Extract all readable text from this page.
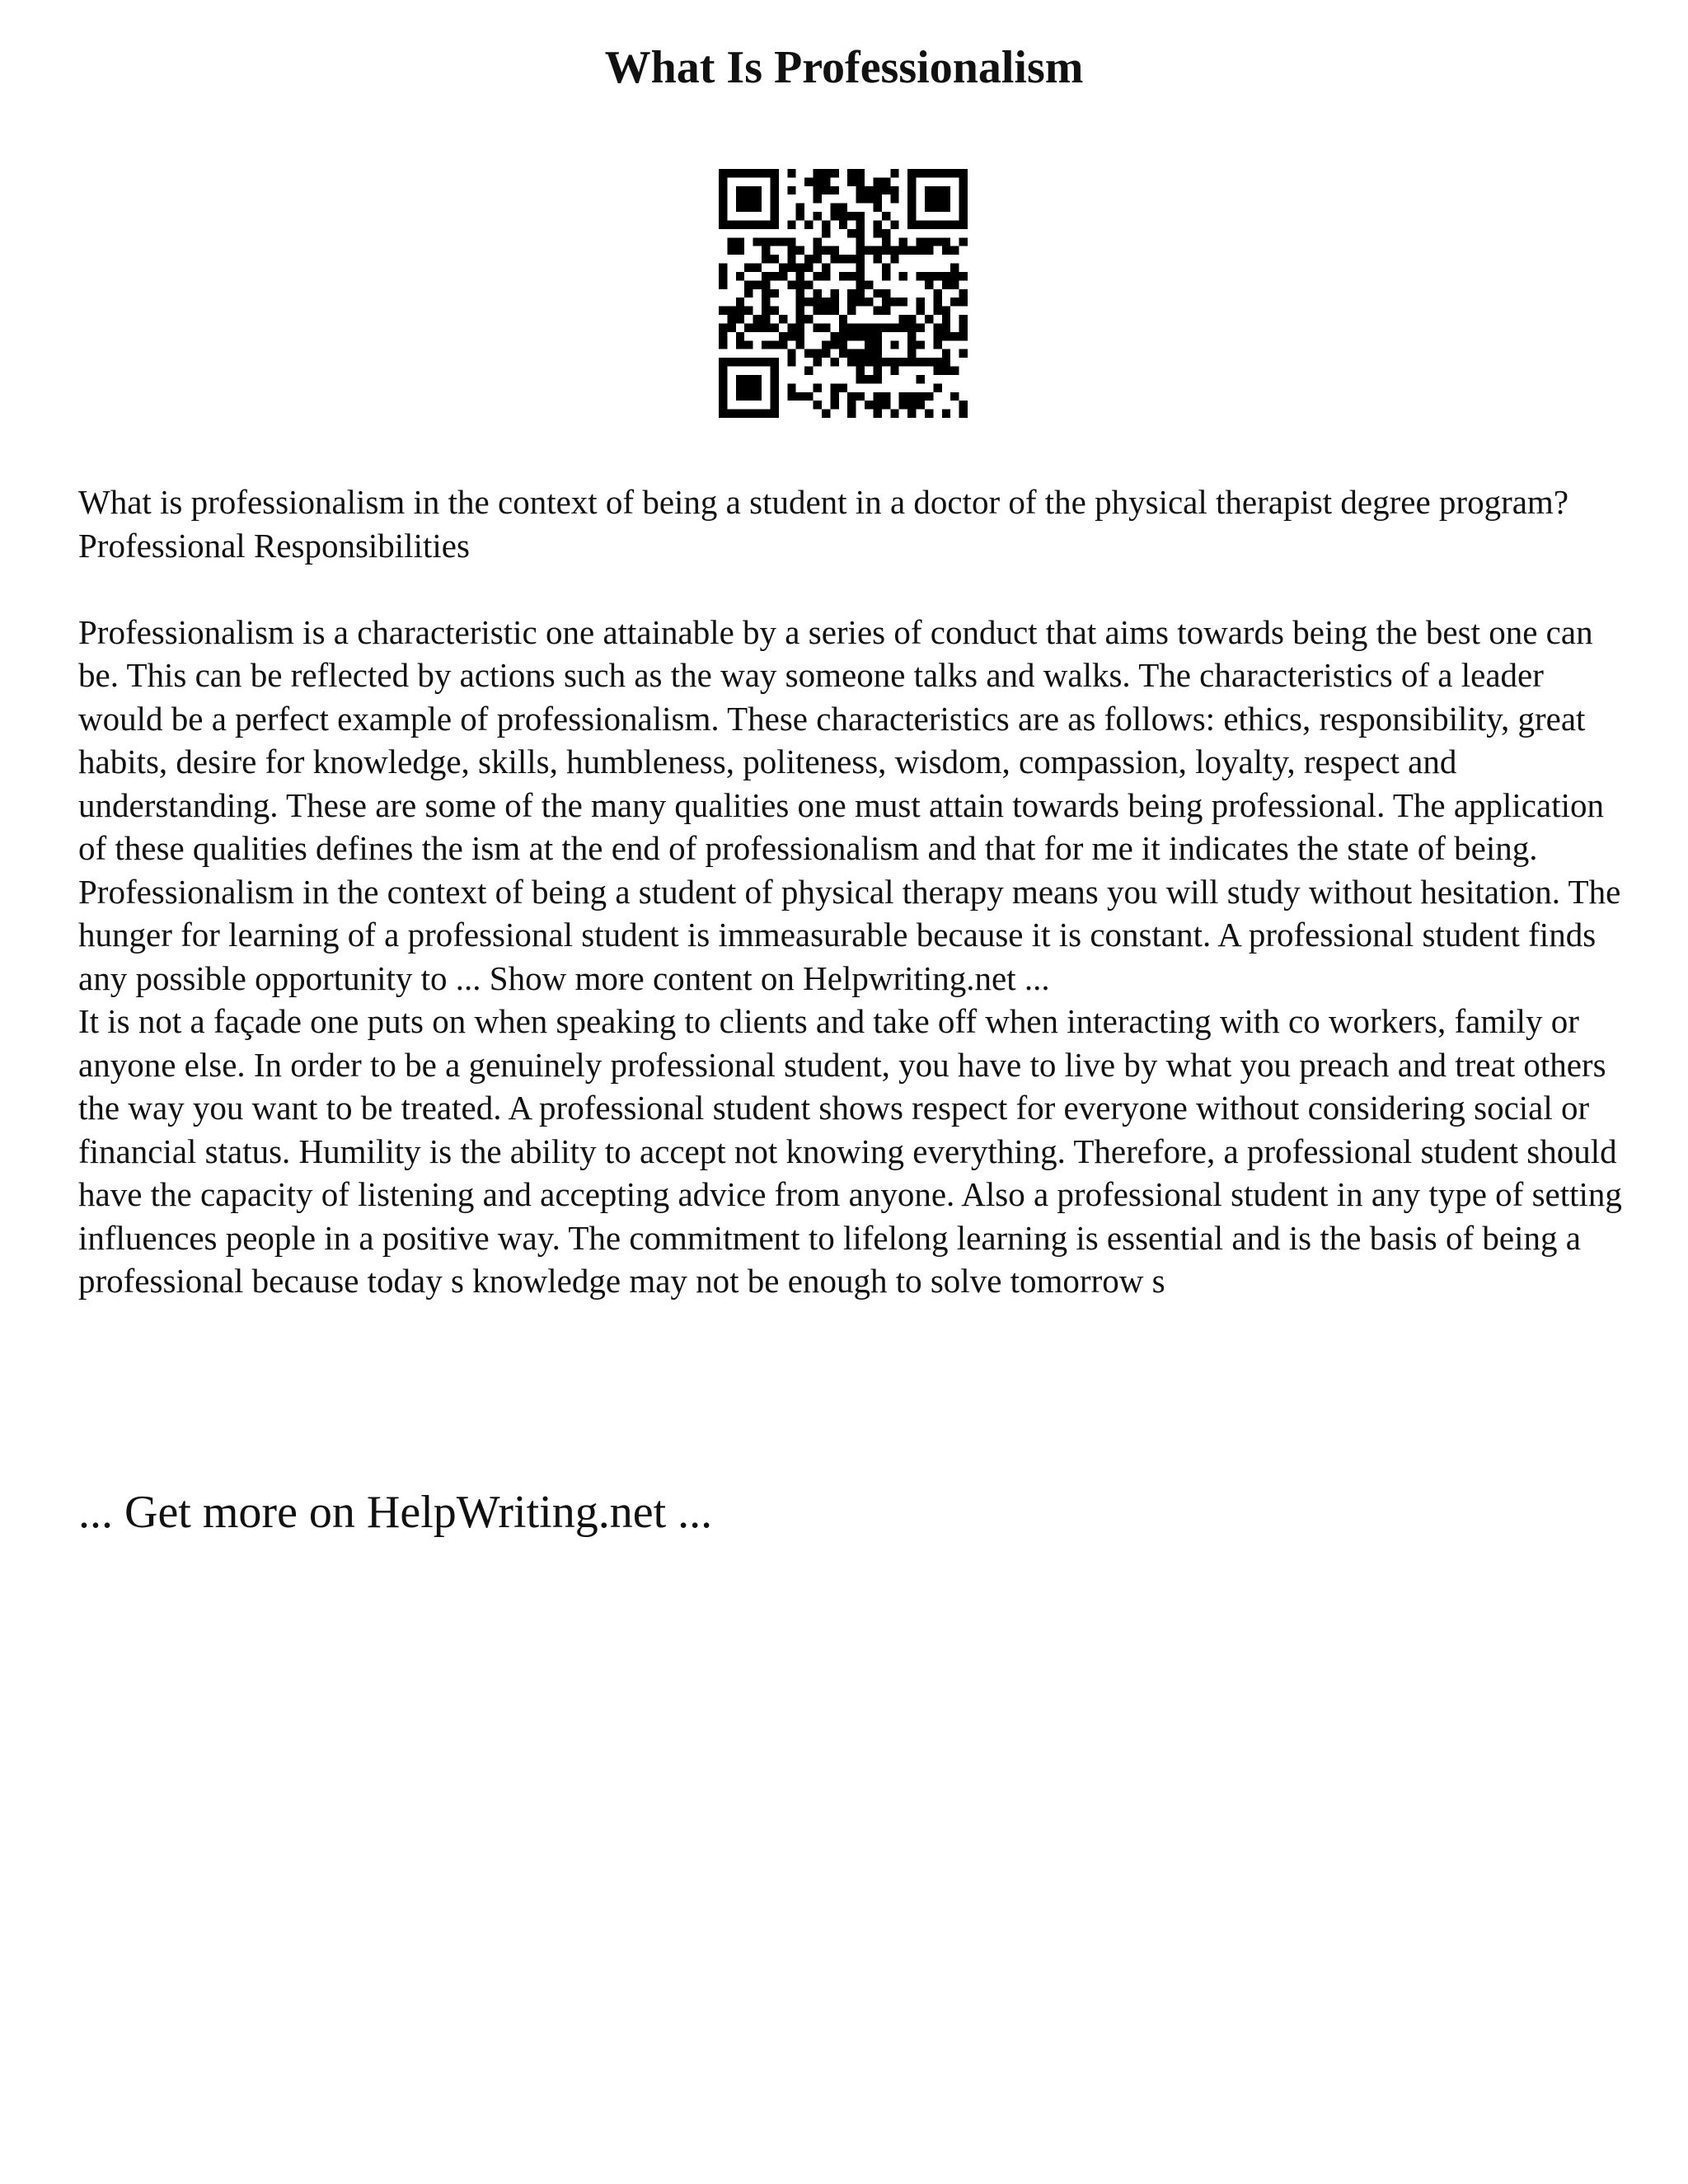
What Is Professionalism

What is professionalism in the context of being a student in a doctor of the physical therapist degree program?

Professional Responsibilities

Professionalism is a characteristic one attainable by a series of conduct that aims towards being the best one can be. This can be reflected by actions such as the way someone talks and walks. The characteristics of a leader would be a perfect example of professionalism. These characteristics are as follows: ethics, responsibility, great habits, desire for knowledge, skills, humbleness, politeness, wisdom, compassion, loyalty, respect and understanding. These are some of the many qualities one must attain towards being professional. The application of these qualities defines the ism at the end of professionalism and that for me it indicates the state of being.

Professionalism in the context of being a student of physical therapy means you will study without hesitation. The hunger for learning of a professional student is immeasurable because it is constant. A professional student finds any possible opportunity to ... Show more content on Helpwriting.net ...

It is not a façade one puts on when speaking to clients and take off when interacting with co workers, family or anyone else. In order to be a genuinely professional student, you have to live by what you preach and treat others the way you want to be treated. A professional student shows respect for everyone without considering social or financial status. Humility is the ability to accept not knowing everything. Therefore, a professional student should have the capacity of listening and accepting advice from anyone. Also a professional student in any type of setting influences people in a positive way. The commitment to lifelong learning is essential and is the basis of being a professional because today s knowledge may not be enough to solve tomorrow s

... Get more on HelpWriting.net ...
